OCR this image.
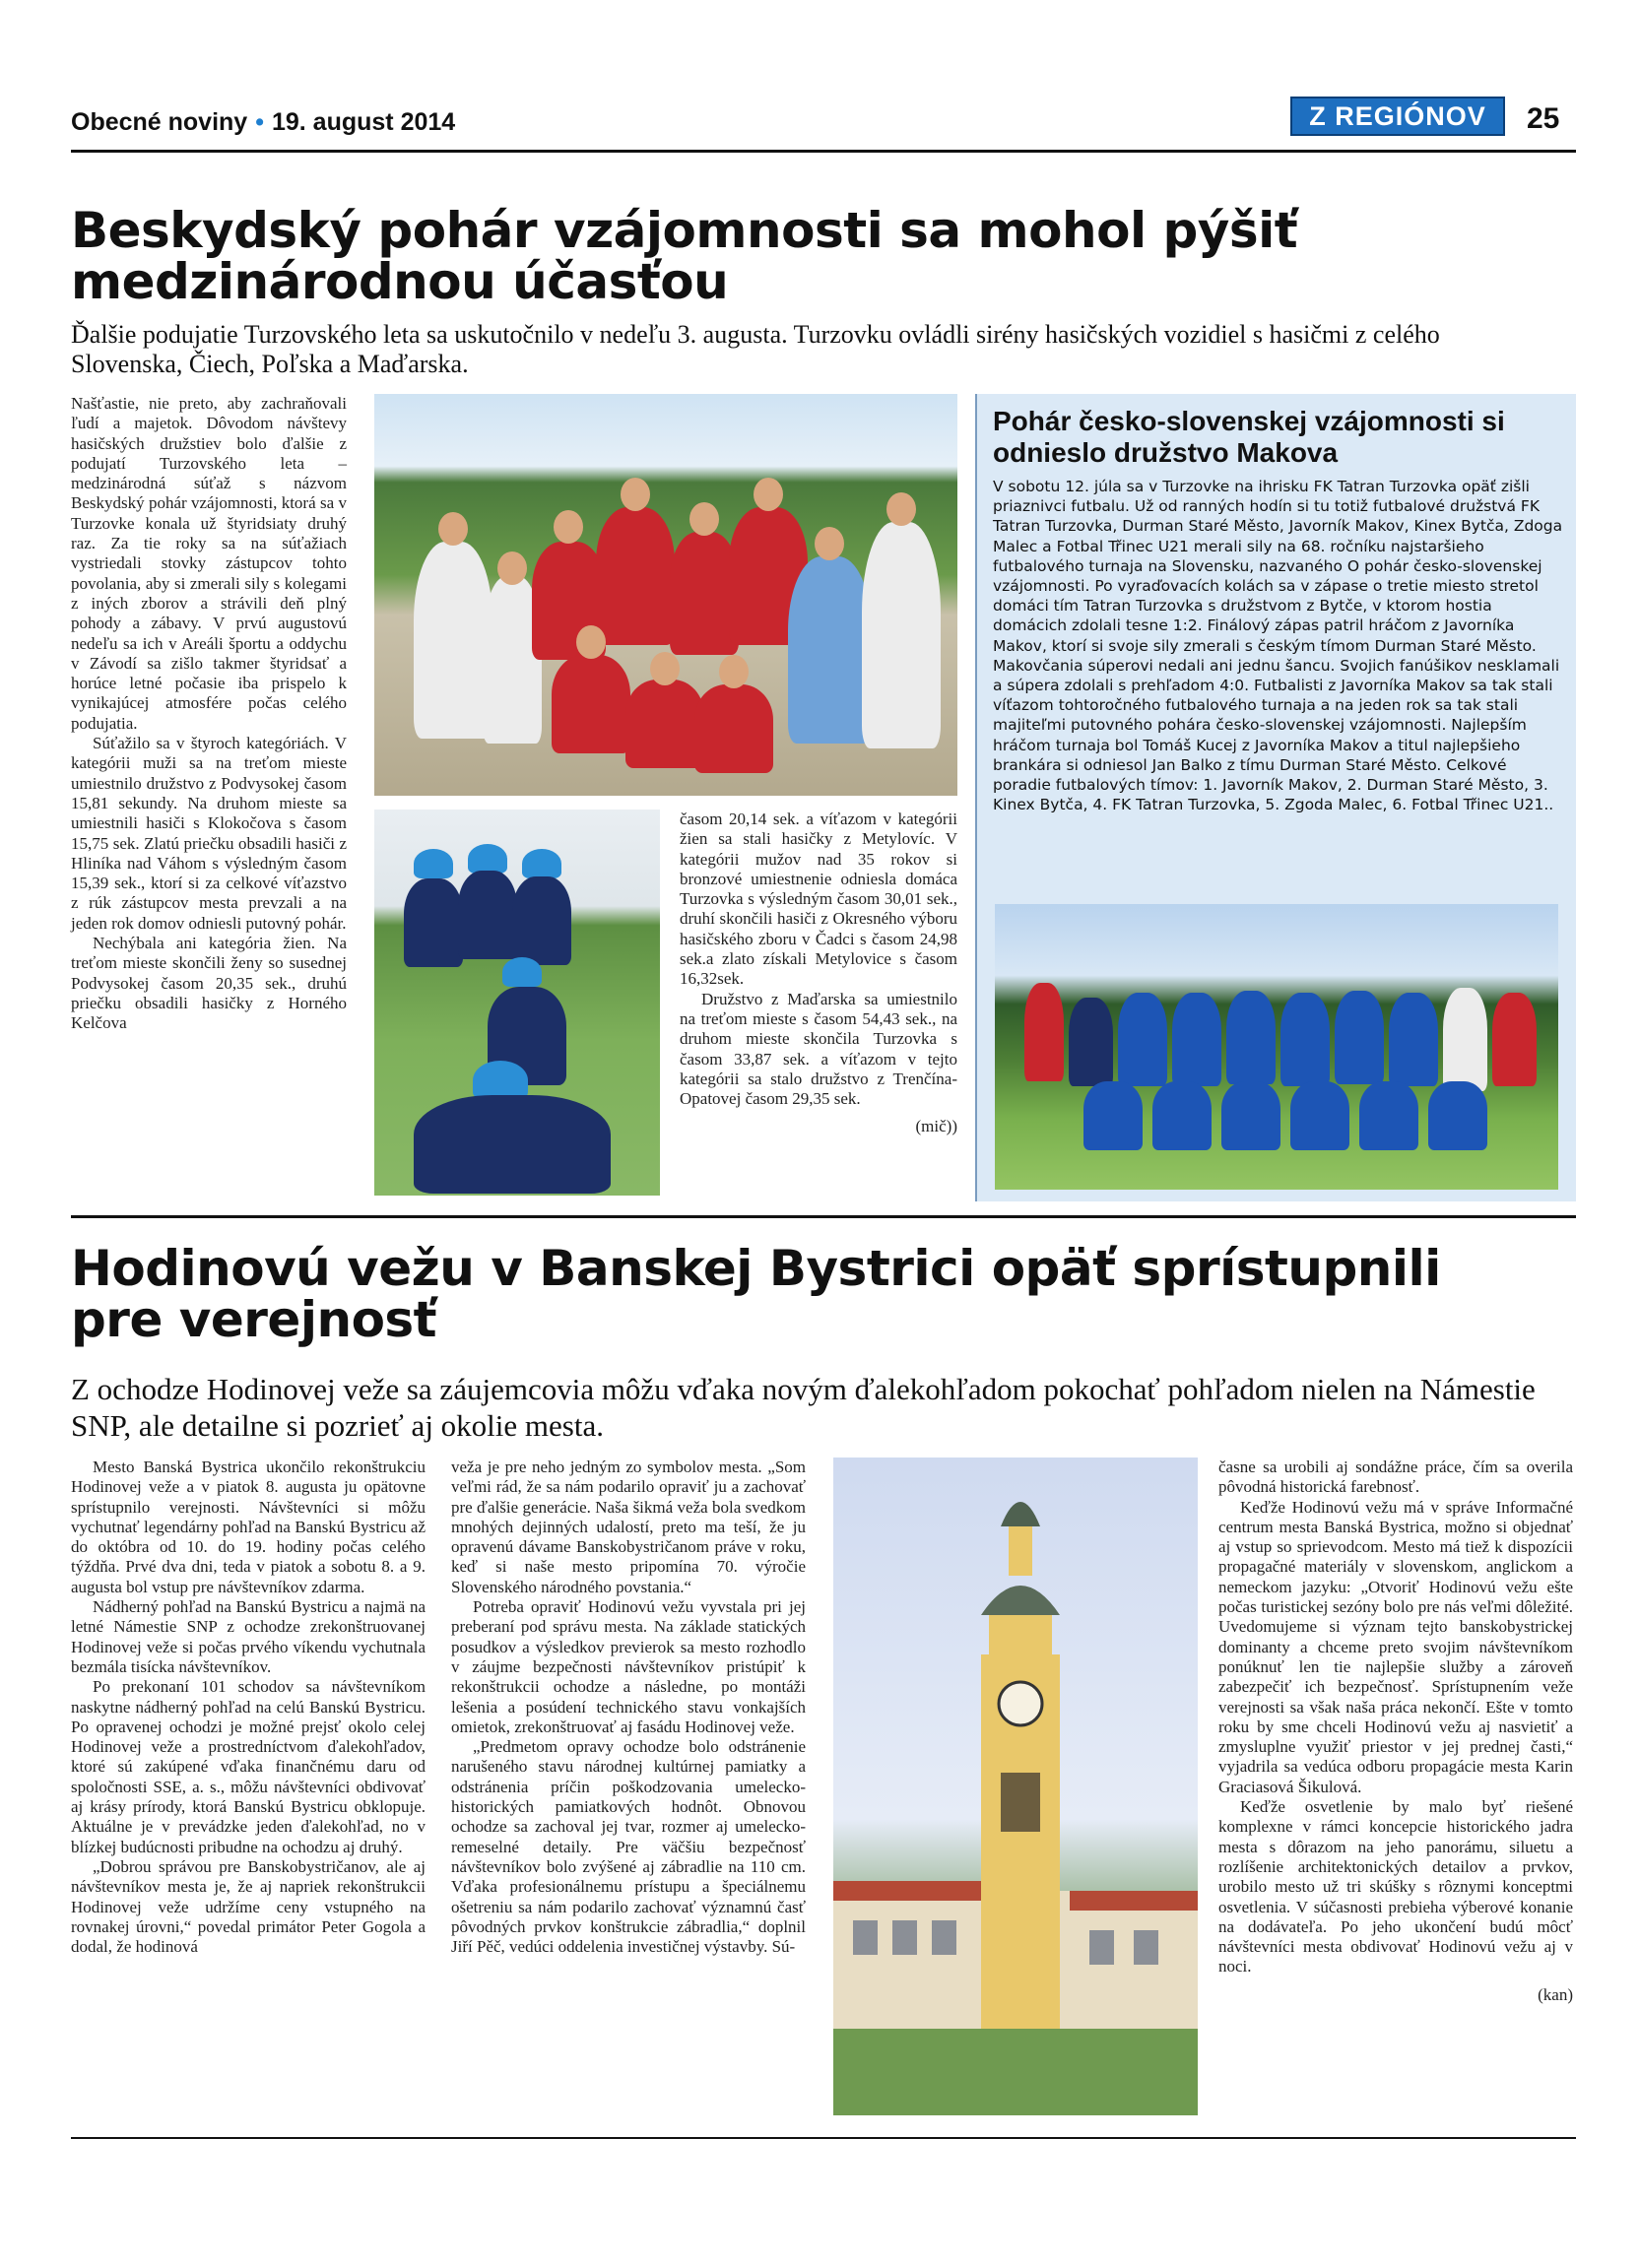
Obecné noviny • 19. august 2014	Z REGIÓNOV	25
Beskydský pohár vzájomnosti sa mohol pýšiť medzinárodnou účasťou
Ďalšie podujatie Turzovského leta sa uskutočnilo v nedeľu 3. augusta. Turzovku ovládli sirény hasičských vozidiel s hasičmi z celého Slovenska, Čiech, Poľska a Maďarska.

Našťastie, nie preto, aby zachraňovali ľudí a majetok. Dôvodom návštevy hasičských družstiev bolo ďalšie z podujatí Turzovského leta – medzinárodná súťaž s názvom Beskydský pohár vzájomnosti, ktorá sa v Turzovke konala už štyridsiaty druhý raz. Za tie roky sa na súťažiach vystriedali stovky zástupcov tohto povolania, aby si zmerali sily s kolegami z iných zborov a strávili deň plný pohody a zábavy. V prvú augustovú nedeľu sa ich v Areáli športu a oddychu v Závodí sa zišlo takmer štyridsať a horúce letné počasie iba prispelo k vynikajúcej atmosfére počas celého podujatia.

Súťažilo sa v štyroch kategóriách. V kategórii muži sa na treťom mieste umiestnilo družstvo z Podvysokej časom 15,81 sekundy. Na druhom mieste sa umiestnili hasiči s Klokočova s časom 15,75 sek. Zlatú priečku obsadili hasiči z Hliníka nad Váhom s výsledným časom 15,39 sek., ktorí si za celkové víťazstvo z rúk zástupcov mesta prevzali a na jeden rok domov odniesli putovný pohár.

Nechýbala ani kategória žien. Na treťom mieste skončili ženy so susednej Podvysokej časom 20,35 sek., druhú priečku obsadili hasičky z Horného Kelčova

časom 20,14 sek. a víťazom v kategórii žien sa stali hasičky z Metylovíc. V kategórii mužov nad 35 rokov si bronzové umiestnenie odniesla domáca Turzovka s výsledným časom 30,01 sek., druhí skončili hasiči z Okresného výboru hasičského zboru v Čadci s časom 24,98 sek.a zlato získali Metylovice s časom 16,32sek.

Družstvo z Maďarska sa umiestnilo na treťom mieste s časom 54,43 sek., na druhom mieste skončila Turzovka s časom 33,87 sek. a víťazom v tejto kategórii sa stalo družstvo z Trenčína-Opatovej časom 29,35 sek.

(mič))
Pohár česko-slovenskej vzájomnosti si odnieslo družstvo Makova
V sobotu 12. júla sa v Turzovke na ihrisku FK Tatran Turzovka opäť zišli priaznivci futbalu. Už od ranných hodín si tu totiž futbalové družstvá FK Tatran Turzovka, Durman Staré Město, Javorník Makov, Kinex Bytča, Zdoga Malec a Fotbal Třinec U21 merali sily na 68. ročníku najstaršieho futbalového turnaja na Slovensku, nazvaného O pohár česko-slovenskej vzájomnosti. Po vyraďovacích kolách sa v zápase o tretie miesto stretol domáci tím Tatran Turzovka s družstvom z Bytče, v ktorom hostia domácich zdolali tesne 1:2. Finálový zápas patril hráčom z Javorníka Makov, ktorí si svoje sily zmerali s českým tímom Durman Staré Město. Makovčania súperovi nedali ani jednu šancu. Svojich fanúšikov nesklamali a súpera zdolali s prehľadom 4:0. Futbalisti z Javorníka Makov sa tak stali víťazom tohtoročného futbalového turnaja a na jeden rok sa tak stali majiteľmi putovného pohára česko-slovenskej vzájomnosti. Najlepším hráčom turnaja bol Tomáš Kucej z Javorníka Makov a titul najlepšieho brankára si odniesol Jan Balko z tímu Durman Staré Město. Celkové poradie futbalových tímov: 1. Javorník Makov, 2. Durman Staré Město, 3. Kinex Bytča, 4. FK Tatran Turzovka, 5. Zgoda Malec, 6. Fotbal Třinec U21..
Hodinovú vežu v Banskej Bystrici opäť sprístupnili pre verejnosť
Z ochodze Hodinovej veže sa záujemcovia môžu vďaka novým ďalekohľadom pokochať pohľadom nielen na Námestie SNP, ale detailne si pozrieť aj okolie mesta.

Mesto Banská Bystrica ukončilo rekonštrukciu Hodinovej veže a v piatok 8. augusta ju opätovne sprístupnilo verejnosti. Návštevníci si môžu vychutnať legendárny pohľad na Banskú Bystricu až do októbra od 10. do 19. hodiny počas celého týždňa. Prvé dva dni, teda v piatok a sobotu 8. a 9. augusta bol vstup pre návštevníkov zdarma.

Nádherný pohľad na Banskú Bystricu a najmä na letné Námestie SNP z ochodze zrekonštruovanej Hodinovej veže si počas prvého víkendu vychutnala bezmála tisícka návštevníkov.

Po prekonaní 101 schodov sa návštevníkom naskytne nádherný pohľad na celú Banskú Bystricu. Po opravenej ochodzi je možné prejsť okolo celej Hodinovej veže a prostredníctvom ďalekohľadov, ktoré sú zakúpené vďaka finančnému daru od spoločnosti SSE, a. s., môžu návštevníci obdivovať aj krásy prírody, ktorá Banskú Bystricu obklopuje. Aktuálne je v prevádzke jeden ďalekohľad, no v blízkej budúcnosti pribudne na ochodzu aj druhý.

„Dobrou správou pre Banskobystričanov, ale aj návštevníkov mesta je, že aj napriek rekonštrukcii Hodinovej veže udržíme ceny vstupného na rovnakej úrovni,“ povedal primátor Peter Gogola a dodal, že hodinová

veža je pre neho jedným zo symbolov mesta. „Som veľmi rád, že sa nám podarilo opraviť ju a zachovať pre ďalšie generácie. Naša šikmá veža bola svedkom mnohých dejinných udalostí, preto ma teší, že ju opravenú dávame Banskobystričanom práve v roku, keď si naše mesto pripomína 70. výročie Slovenského národného povstania.“

Potreba opraviť Hodinovú vežu vyvstala pri jej preberaní pod správu mesta. Na základe statických posudkov a výsledkov previerok sa mesto rozhodlo v záujme bezpečnosti návštevníkov pristúpiť k rekonštrukcii ochodze a následne, po montáži lešenia a posúdení technického stavu vonkajších omietok, zrekonštruovať aj fasádu Hodinovej veže.

„Predmetom opravy ochodze bolo odstránenie narušeného stavu národnej kultúrnej pamiatky a odstránenia príčin poškodzovania umelecko-historických pamiatkových hodnôt. Obnovou ochodze sa zachoval jej tvar, rozmer aj umelecko-remeselné detaily. Pre väčšiu bezpečnosť návštevníkov bolo zvýšené aj zábradlie na 110 cm. Vďaka profesionálnemu prístupu a špeciálnemu ošetreniu sa nám podarilo zachovať významnú časť pôvodných prvkov konštrukcie zábradlia,“ doplnil Jiří Pěč, vedúci oddelenia investičnej výstavby. Sú-

časne sa urobili aj sondážne práce, čím sa overila pôvodná historická farebnosť.

Keďže Hodinovú vežu má v správe Informačné centrum mesta Banská Bystrica, možno si objednať aj vstup so sprievodcom. Mesto má tiež k dispozícii propagačné materiály v slovenskom, anglickom a nemeckom jazyku: „Otvoriť Hodinovú vežu ešte počas turistickej sezóny bolo pre nás veľmi dôležité. Uvedomujeme si význam tejto banskobystrickej dominanty a chceme preto svojim návštevníkom ponúknuť len tie najlepšie služby a zároveň zabezpečiť ich bezpečnosť. Sprístupnením veže verejnosti sa však naša práca nekončí. Ešte v tomto roku by sme chceli Hodinovú vežu aj nasvietiť a zmysluplne využiť priestor v jej prednej časti,“ vyjadrila sa vedúca odboru propagácie mesta Karin Graciasová Šikulová.

Keďže osvetlenie by malo byť riešené komplexne v rámci koncepcie historického jadra mesta s dôrazom na jeho panorámu, siluetu a rozlíšenie architektonických detailov a prvkov, urobilo mesto už tri skúšky s rôznymi konceptmi osvetlenia. V súčasnosti prebieha výberové konanie na dodávateľa. Po jeho ukončení budú môcť návštevníci mesta obdivovať Hodinovú vežu aj v noci.

(kan)
